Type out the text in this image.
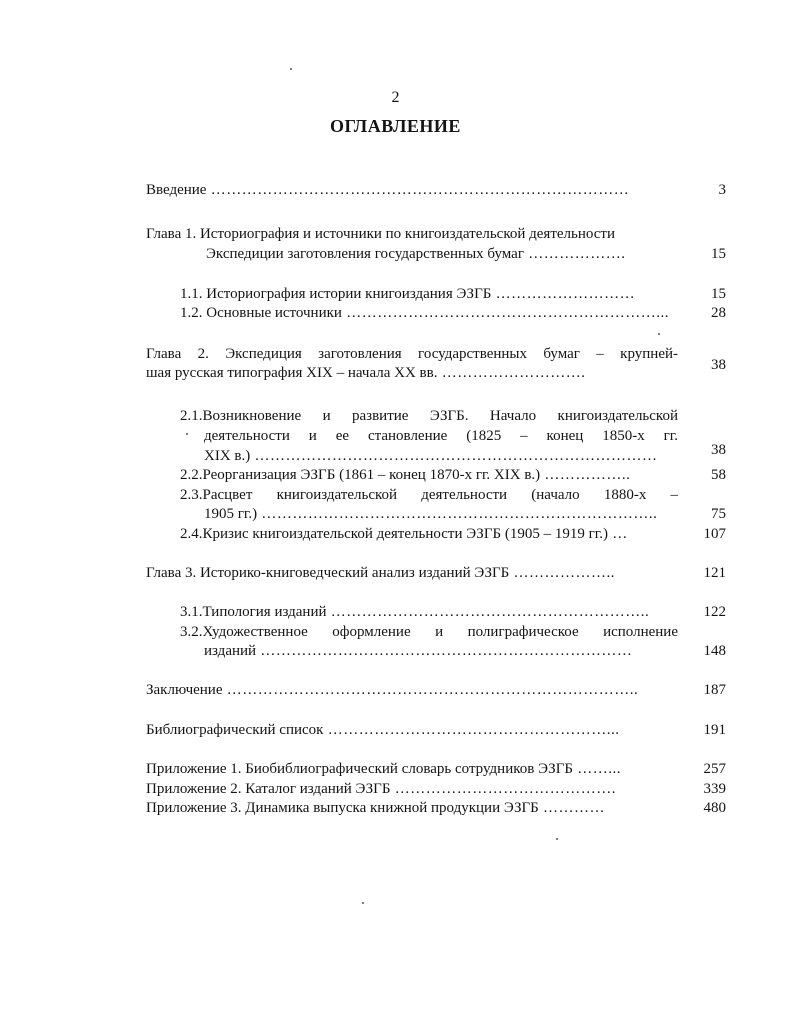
2
ОГЛАВЛЕНИЕ
Введение ………………………………………………………………………	3
Глава 1. Историография и источники по книгоиздательской деятельности
Экспедиции заготовления государственных бумаг ……………….	15
1.1. Историография истории книгоиздания ЭЗГБ ………………………	15
1.2. Основные источники ……………………………………………………...	28
Глава 2. Экспедиция заготовления государственных бумаг – крупней-
шая русская типография XIX – начала XX вв. ……………………….	38
2.1.Возникновение и развитие ЭЗГБ. Начало книгоиздательской
деятельности и ее становление (1825 – конец 1850-х гг.
XIX в.) ……………………………………………………………………	38
2.2.Реорганизация ЭЗГБ (1861 – конец 1870-х гг. XIX в.) ……………..	58
2.3.Расцвет книгоиздательской деятельности (начало 1880-х –
1905 гг.) …………………………………………………………………..	75
2.4.Кризис книгоиздательской деятельности ЭЗГБ (1905 – 1919 гг.) …	107
Глава 3. Историко-книговедческий анализ изданий ЭЗГБ ………………..	121
3.1.Типология изданий ……………………………………………………..	122
3.2.Художественное оформление и полиграфическое исполнение
изданий ………………………………………………………………	148
Заключение ……………………………………………………………………..	187
Библиографический список ………………………………………………...	191
Приложение 1. Биобиблиографический словарь сотрудников ЭЗГБ ……...	257
Приложение 2. Каталог изданий ЭЗГБ …………………………………….	339
Приложение 3. Динамика выпуска книжной продукции ЭЗГБ …………	480
